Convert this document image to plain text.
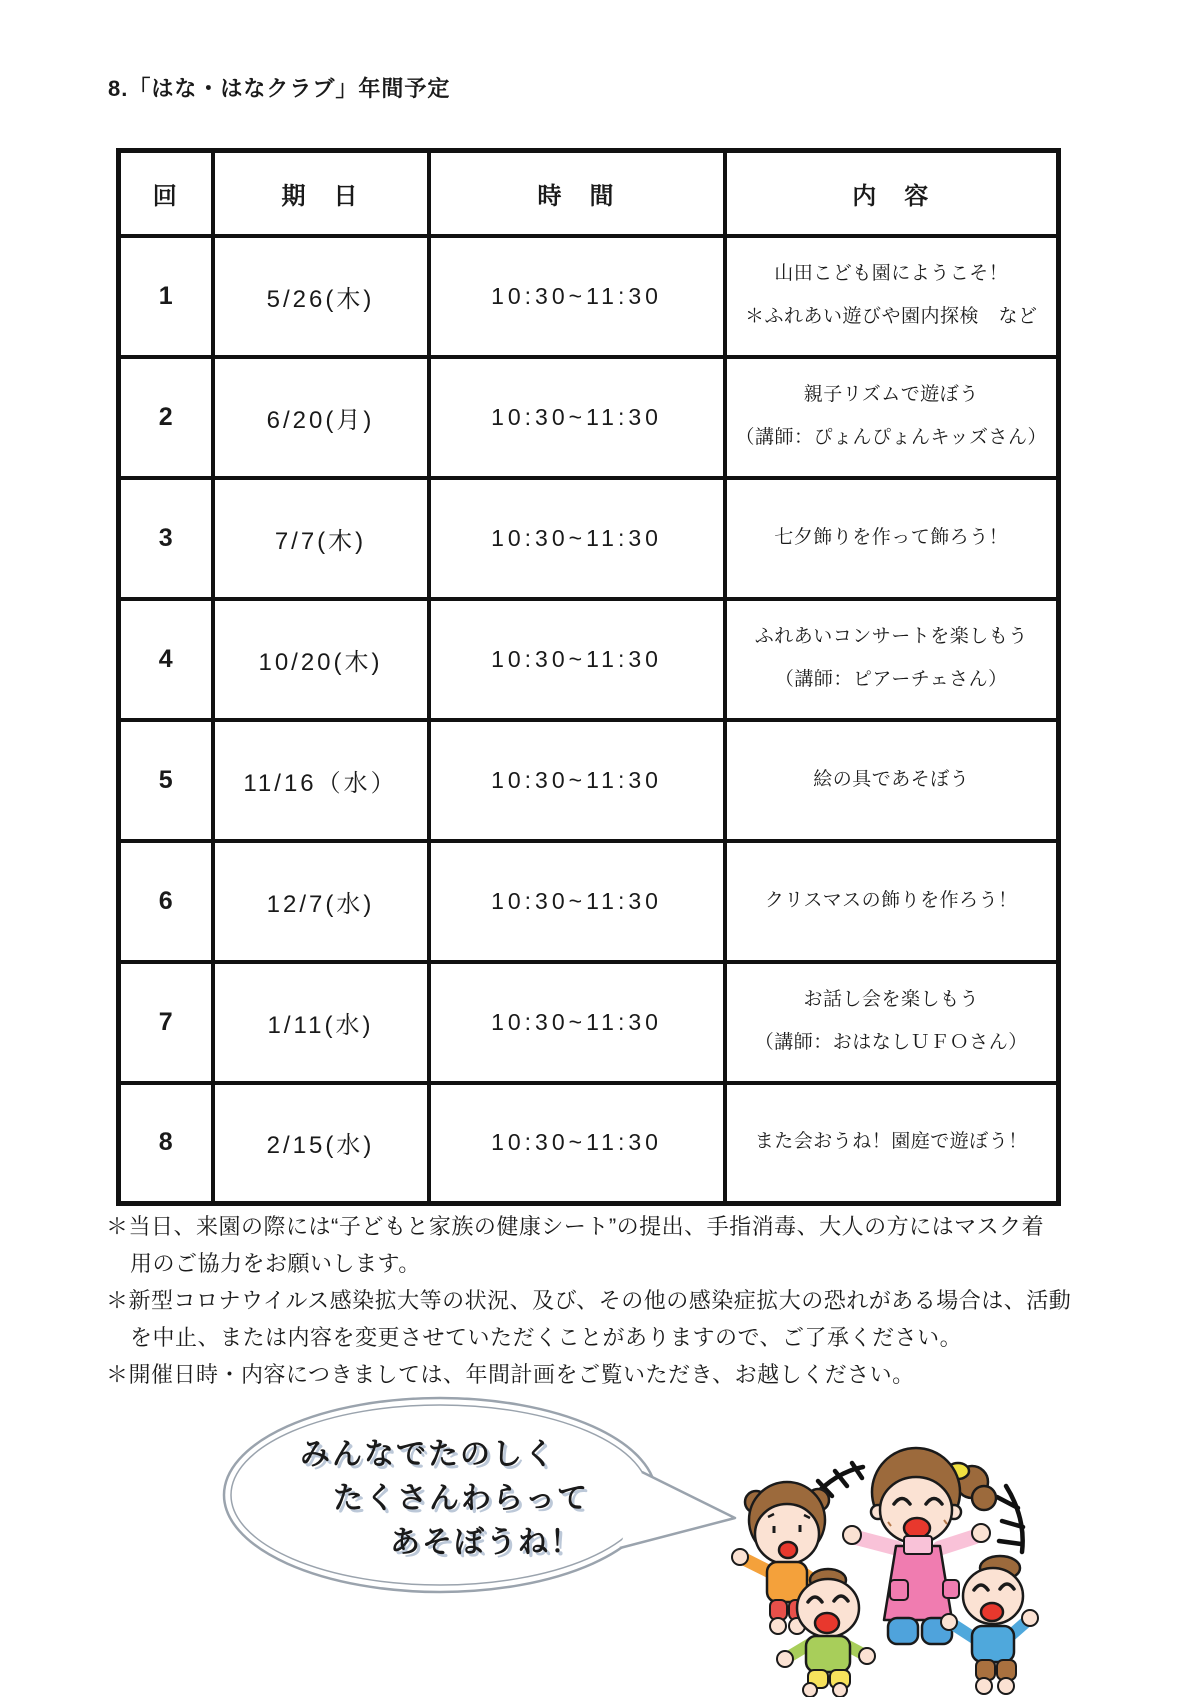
8.「はな・はなクラブ」年間予定
回	期　日	時　間	内　容
1	5/26(木)	10:30~11:30	山田こども園にようこそ！
＊ふれあい遊びや園内探検　など

2	6/20(月)	10:30~11:30	親子リズムで遊ぼう
（講師：ぴょんぴょんキッズさん）

3	7/7(木)	10:30~11:30	七夕飾りを作って飾ろう！

4	10/20(木)	10:30~11:30	ふれあいコンサートを楽しもう
（講師：ピアーチェさん）

5	11/16（水）	10:30~11:30	絵の具であそぼう

6	12/7(水)	10:30~11:30	クリスマスの飾りを作ろう！

7	1/11(水)	10:30~11:30	お話し会を楽しもう
（講師：おはなしＵＦＯさん）

8	2/15(水)	10:30~11:30	また会おうね！園庭で遊ぼう！
＊当日、来園の際には“子どもと家族の健康シート”の提出、手指消毒、大人の方にはマスク着
用のご協力をお願いします。
＊新型コロナウイルス感染拡大等の状況、及び、その他の感染症拡大の恐れがある場合は、活動
を中止、または内容を変更させていただくことがありますので、ご了承ください。
＊開催日時・内容につきましては、年間計画をご覧いただき、お越しください。
みんなでたのしく
たくさんわらって
あそぼうね！
